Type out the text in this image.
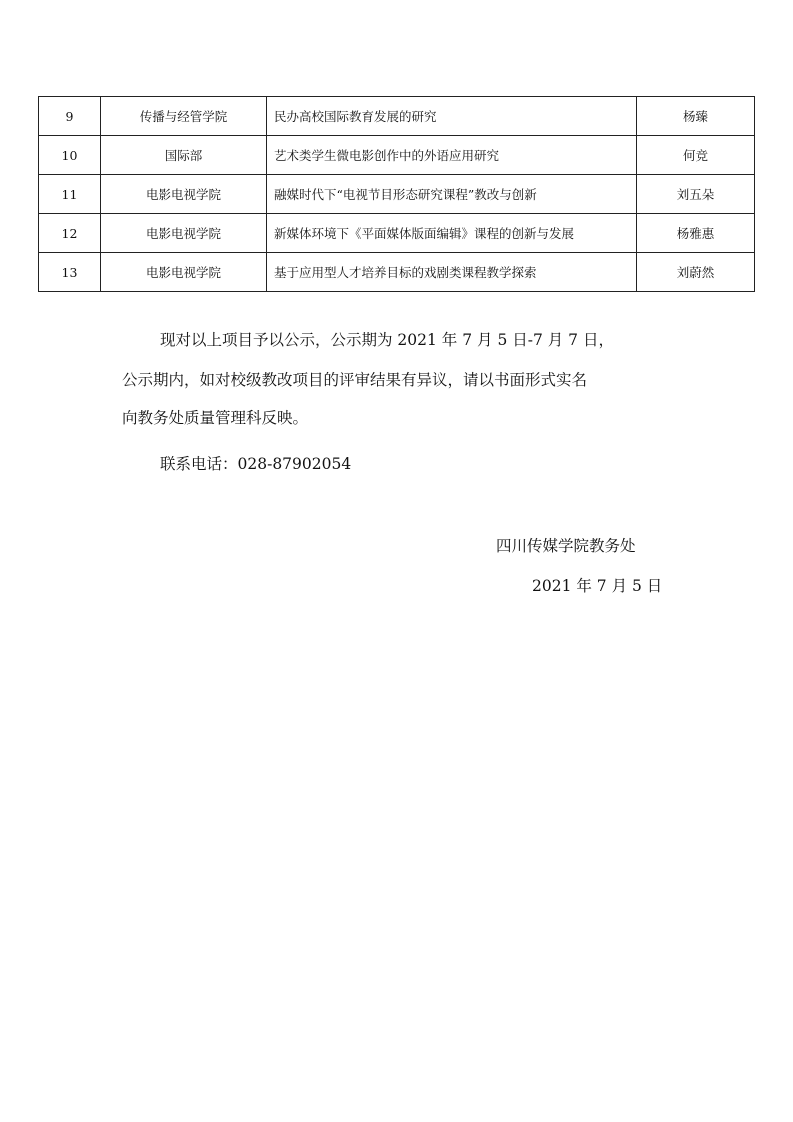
9	传播与经管学院	民办高校国际教育发展的研究	杨臻
10	国际部	艺术类学生微电影创作中的外语应用研究	何竞
11	电影电视学院	融媒时代下“电视节目形态研究课程”教改与创新	刘五朵
12	电影电视学院	新媒体环境下《平面媒体版面编辑》课程的创新与发展	杨雅惠
13	电影电视学院	基于应用型人才培养目标的戏剧类课程教学探索	刘蔚然

现对以上项目予以公示，公示期为 2021 年 7 月 5 日-7 月 7 日，

公示期内，如对校级教改项目的评审结果有异议，请以书面形式实名

向教务处质量管理科反映。

联系电话：028-87902054

四川传媒学院教务处

2021 年 7 月 5 日
